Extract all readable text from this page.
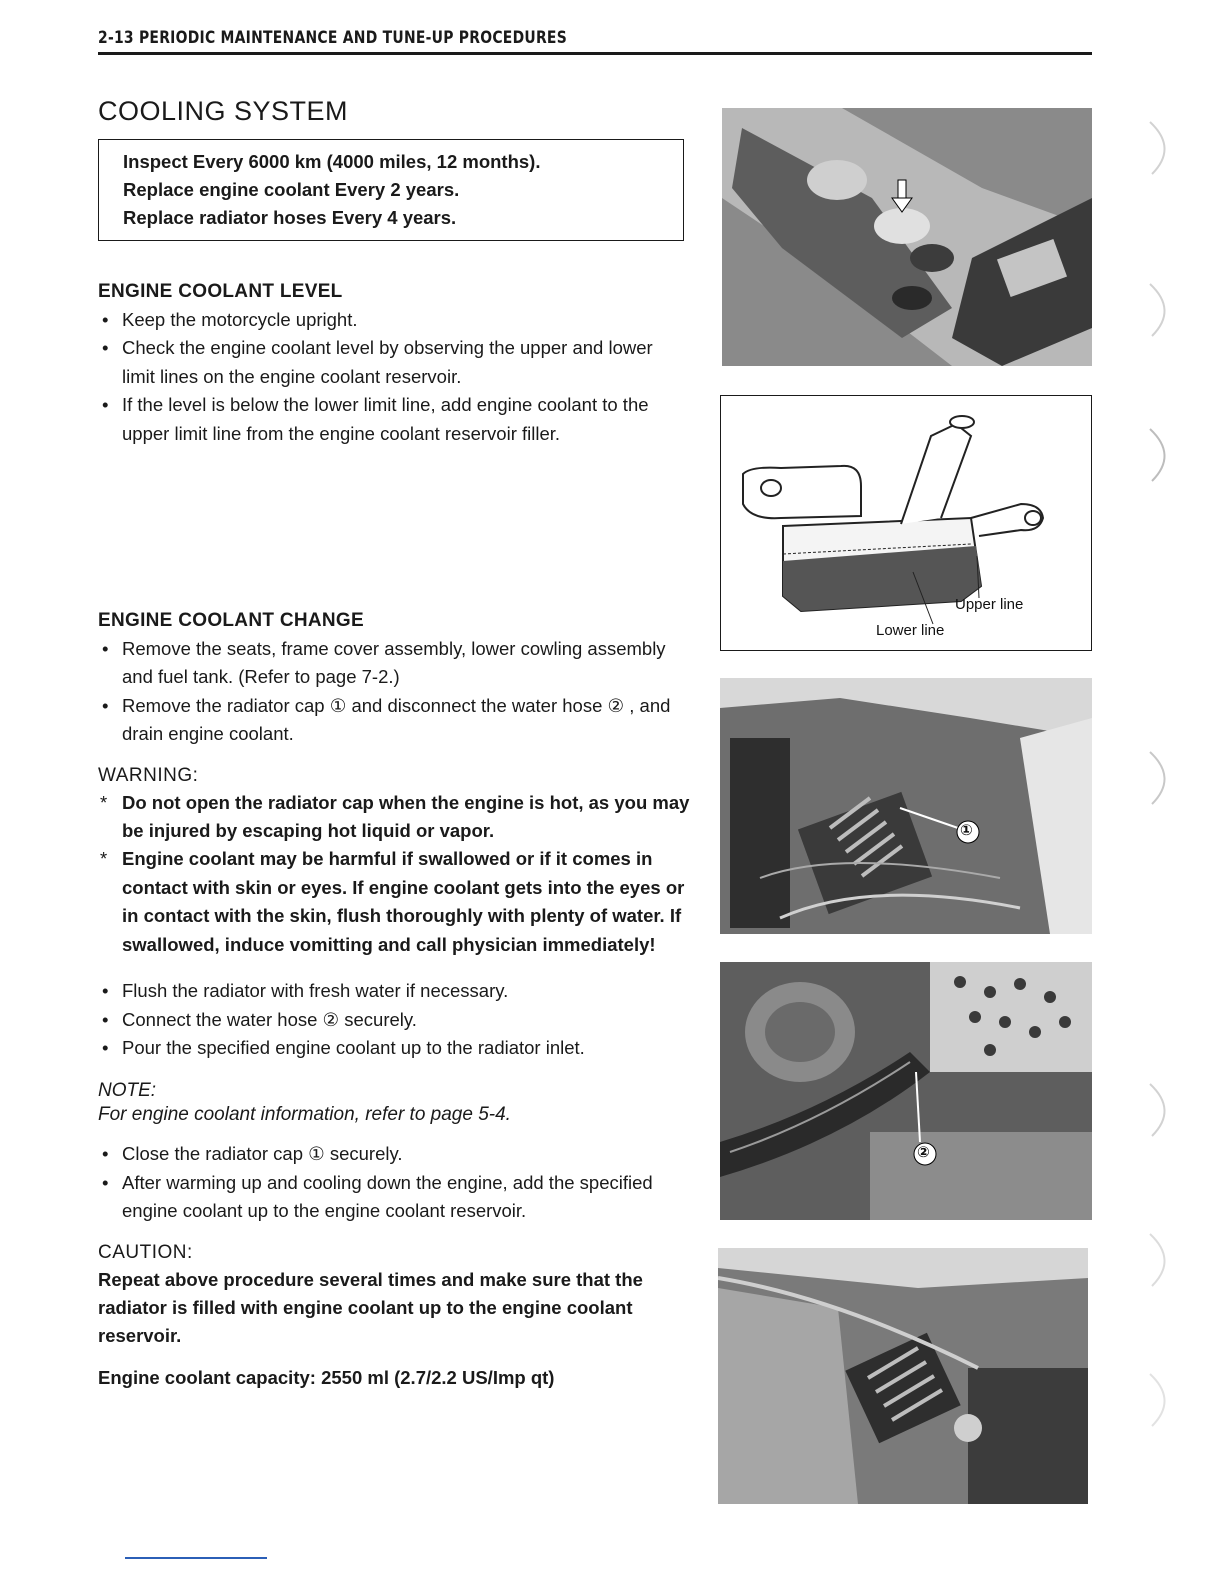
2-13 PERIODIC MAINTENANCE AND TUNE-UP PROCEDURES
COOLING SYSTEM
Inspect Every 6000 km (4000 miles, 12 months).
Replace engine coolant Every 2 years.
Replace radiator hoses Every 4 years.
ENGINE COOLANT LEVEL
• Keep the motorcycle upright.
• Check the engine coolant level by observing the upper and lower limit lines on the engine coolant reservoir.
• If the level is below the lower limit line, add engine coolant to the upper limit line from the engine coolant reservoir filler.
ENGINE COOLANT CHANGE
• Remove the seats, frame cover assembly, lower cowling assembly and fuel tank. (Refer to page 7-2.)
• Remove the radiator cap ① and disconnect the water hose ② , and drain engine coolant.
WARNING:
* Do not open the radiator cap when the engine is hot, as you may be injured by escaping hot liquid or vapor.
* Engine coolant may be harmful if swallowed or if it comes in contact with skin or eyes. If engine coolant gets into the eyes or in contact with the skin, flush thoroughly with plenty of water. If swallowed, induce vomitting and call physician immediately!
• Flush the radiator with fresh water if necessary.
• Connect the water hose ② securely.
• Pour the specified engine coolant up to the radiator inlet.
NOTE:
For engine coolant information, refer to page 5-4.
• Close the radiator cap ① securely.
• After warming up and cooling down the engine, add the specified engine coolant up to the engine coolant reservoir.
CAUTION:
Repeat above procedure several times and make sure that the radiator is filled with engine coolant up to the engine coolant reservoir.
Engine coolant capacity: 2550 ml (2.7/2.2 US/Imp qt)
Upper line
Lower line
①
②
